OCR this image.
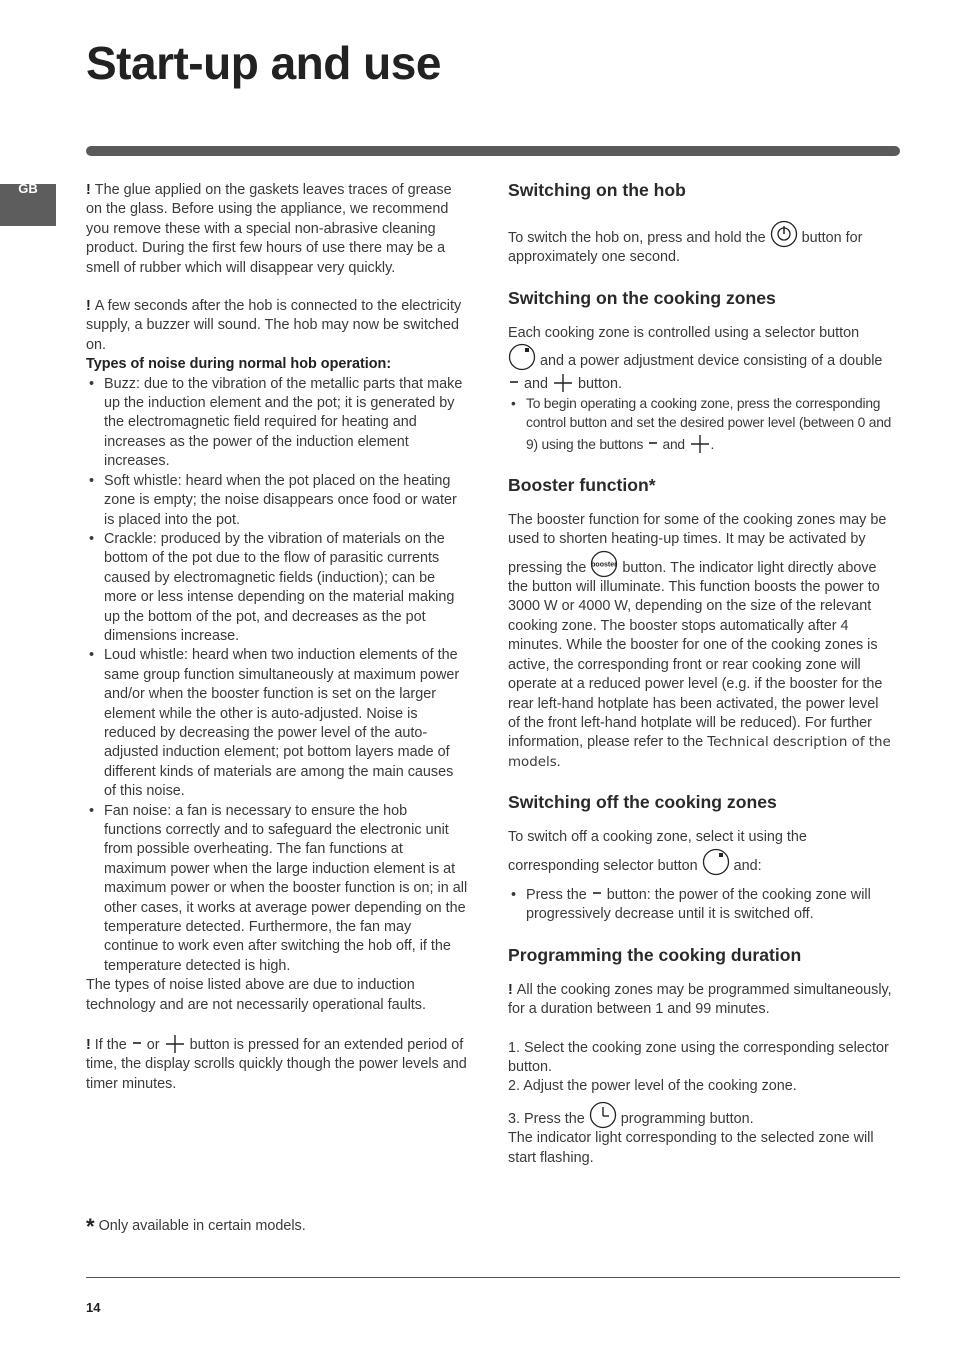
Start-up and use
GB	! The glue applied on the gaskets leaves traces of grease on the glass. Before using the appliance, we recommend you remove these with a special non-abrasive cleaning product. During the first few hours of use there may be a smell of rubber which will disappear very quickly.

! A few seconds after the hob is connected to the electricity supply, a buzzer will sound. The hob may now be switched on.

Types of noise during normal hob operation:

• Buzz: due to the vibration of the metallic parts that make up the induction element and the pot; it is generated by the electromagnetic field required for heating and increases as the power of the induction element increases.
• Soft whistle: heard when the pot placed on the heating zone is empty; the noise disappears once food or water is placed into the pot.
• Crackle: produced by the vibration of materials on the bottom of the pot due to the flow of parasitic currents caused by electromagnetic fields (induction); can be more or less intense depending on the material making up the bottom of the pot, and decreases as the pot dimensions increase.
• Loud whistle: heard when two induction elements of the same group function simultaneously at maximum power and/or when the booster function is set on the larger element while the other is auto-adjusted. Noise is reduced by decreasing the power level of the auto-adjusted induction element; pot bottom layers made of different kinds of materials are among the main causes of this noise.
• Fan noise: a fan is necessary to ensure the hob functions correctly and to safeguard the electronic unit from possible overheating. The fan functions at maximum power when the large induction element is at maximum power or when the booster function is on; in all other cases, it works at average power depending on the temperature detected. Furthermore, the fan may continue to work even after switching the hob off, if the temperature detected is high.

The types of noise listed above are due to induction technology and are not necessarily operational faults.

! If the or button is pressed for an extended period of time, the display scrolls quickly though the power levels and timer minutes.

* Only available in certain models.
Switching on the hob

To switch the hob on, press and hold the	button for approximately one second.

Switching on the cooking zones

Each cooking zone is controlled using a selector button
and a power adjustment device consisting of a double  and button.

• To begin operating a cooking zone, press the corresponding control button and set the desired power level (between 0 and 9) using the buttons and .
Booster function*

The booster function for some of the cooking zones may be used to shorten heating-up times. It may be activated by pressing the booster button. The indicator light directly above the button will illuminate. This function boosts the power to 3000 W or 4000 W, depending on the size of the relevant cooking zone. The booster stops automatically after 4 minutes. While the booster for one of the cooking zones is active, the corresponding front or rear cooking zone will operate at a reduced power level (e.g. if the booster for the rear left-hand hotplate has been activated, the power level of the front left-hand hotplate will be reduced). For further information, please refer to the Technical description of the models.

Switching off the cooking zones

To switch off a cooking zone, select it using the corresponding selector button	and:

• Press the button: the power of the cooking zone will progressively decrease until it is switched off.
Programming the cooking duration

! All the cooking zones may be programmed simultaneously, for a duration between 1 and 99 minutes.

1. Select the cooking zone using the corresponding selector button.

2. Adjust the power level of the cooking zone.

3. Press the	programming button.

The indicator light corresponding to the selected zone will start flashing.

14
